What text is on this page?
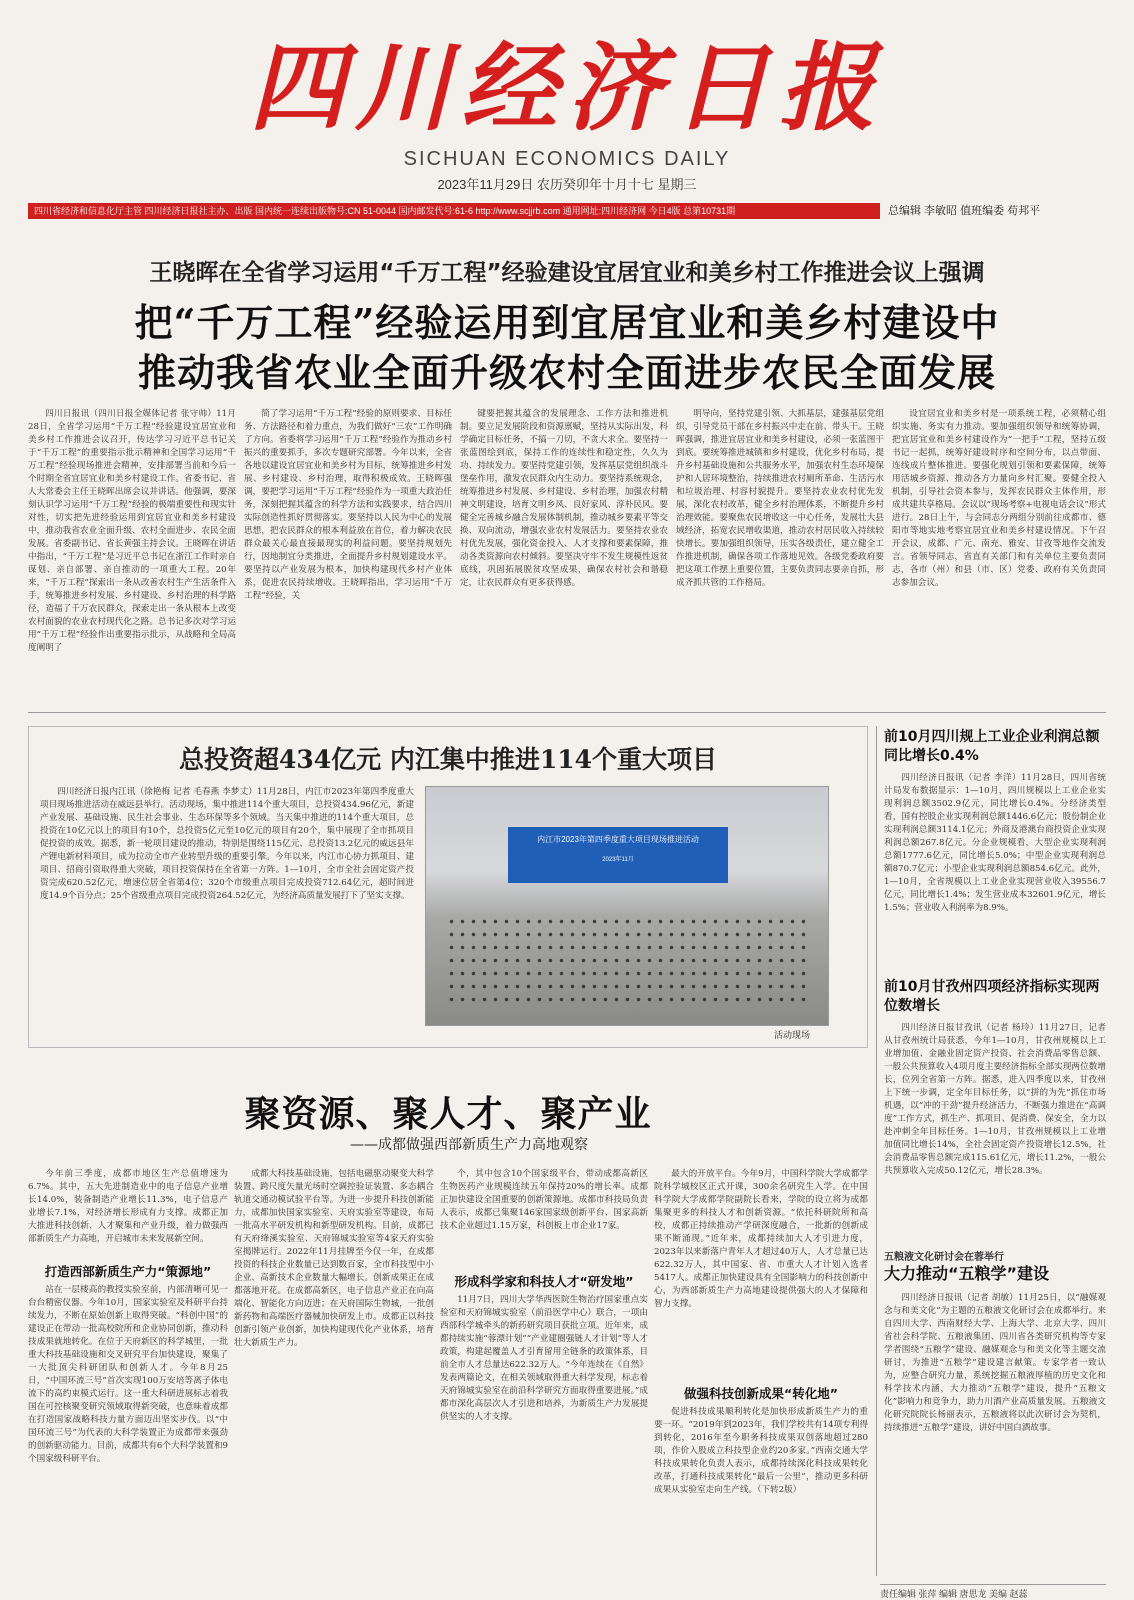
四川经济日报
SICHUAN ECONOMICS DAILY
2023年11月29日 农历癸卯年十月十七 星期三
四川省经济和信息化厅主管 四川经济日报社主办、出版 国内统一连续出版物号:CN 51-0044 国内邮发代号:61-6 http://www.scjjrb.com 通用网址:四川经济网 今日4版 总第10731期	总编辑 李敏昭 值班编委 苟邦平
王晓晖在全省学习运用“千万工程”经验建设宜居宜业和美乡村工作推进会议上强调
把“千万工程”经验运用到宜居宜业和美乡村建设中
推动我省农业全面升级农村全面进步农民全面发展

四川日报讯（四川日报全媒体记者 张守帅）11月28日，全省学习运用“千万工程”经验建设宜居宜业和美乡村工作推进会议召开，传达学习习近平总书记关于“千万工程”的重要指示批示精神和全国学习运用“千万工程”经验现场推进会精神，安排部署当前和今后一个时期全省宜居宜业和美乡村建设工作。省委书记、省人大常委会主任王晓晖出席会议并讲话。他强调，要深刻认识学习运用“千万工程”经验的极端重要性和现实针对性，切实把先进经验运用到宜居宜业和美乡村建设中，推动我省农业全面升级、农村全面进步、农民全面发展。省委副书记、省长黄强主持会议。王晓晖在讲话中指出，“千万工程”是习近平总书记在浙江工作时亲自谋划、亲自部署、亲自推动的一项重大工程。20年来，“千万工程”探索出一条从改善农村生产生活条件入手，统筹推进乡村发展、乡村建设、乡村治理的科学路径，造福了千万农民群众，探索走出一条从根本上改变农村面貌的农业农村现代化之路。总书记多次对学习运用“千万工程”经验作出重要指示批示，从战略和全局高度阐明了

简了学习运用“千万工程”经验的原则要求、目标任务、方法路径和着力重点，为我们做好“三农”工作明确了方向。省委将学习运用“千万工程”经验作为推动乡村振兴的重要抓手，多次专题研究部署。今年以来，全省各地以建设宜居宜业和美乡村为目标，统筹推进乡村发展、乡村建设、乡村治理，取得积极成效。王晓晖强调，要把学习运用“千万工程”经验作为一项重大政治任务，深刻把握其蕴含的科学方法和实践要求，结合四川实际创造性抓好贯彻落实。要坚持以人民为中心的发展思想，把农民群众的根本利益放在首位，着力解决农民群众最关心最直接最现实的利益问题。要坚持规划先行，因地制宜分类推进，全面提升乡村规划建设水平。要坚持以产业发展为根本，加快构建现代乡村产业体系，促进农民持续增收。王晓晖指出，学习运用“千万工程”经验，关

键要把握其蕴含的发展理念、工作方法和推进机制。要立足发展阶段和资源禀赋，坚持从实际出发，科学确定目标任务，不搞一刀切，不贪大求全。要坚持一张蓝图绘到底，保持工作的连续性和稳定性，久久为功、持续发力。要坚持党建引领，发挥基层党组织战斗堡垒作用，激发农民群众内生动力。要坚持系统观念，统筹推进乡村发展、乡村建设、乡村治理，加强农村精神文明建设，培育文明乡风、良好家风、淳朴民风。要健全完善城乡融合发展体制机制，推动城乡要素平等交换、双向流动，增强农业农村发展活力。要坚持农业农村优先发展，强化资金投入、人才支撑和要素保障，推动各类资源向农村倾斜。要坚决守牢不发生规模性返贫底线，巩固拓展脱贫攻坚成果，确保农村社会和谐稳定，让农民群众有更多获得感。

明导向，坚持党建引领、大抓基层，建强基层党组织，引导党员干部在乡村振兴中走在前、带头干。王晓晖强调，推进宜居宜业和美乡村建设，必须一张蓝图干到底。要统筹推进城镇和乡村建设，优化乡村布局，提升乡村基础设施和公共服务水平，加强农村生态环境保护和人居环境整治，持续推进农村厕所革命、生活污水和垃圾治理、村容村貌提升。要坚持农业农村优先发展，深化农村改革，健全乡村治理体系，不断提升乡村治理效能。要聚焦农民增收这一中心任务，发展壮大县域经济，拓宽农民增收渠道，推动农村居民收入持续较快增长。要加强组织领导，压实各级责任，建立健全工作推进机制，确保各项工作落地见效。各级党委政府要把这项工作摆上重要位置，主要负责同志要亲自抓，形成齐抓共管的工作格局。

设宜居宜业和美乡村是一项系统工程，必须精心组织实施、务实有力推动。要加强组织领导和统筹协调，把宜居宜业和美乡村建设作为“一把手”工程，坚持五级书记一起抓，统筹好建设时序和空间分布，以点带面、连线成片整体推进。要强化规划引领和要素保障，统筹用活城乡资源、推动各方力量向乡村汇聚。要健全投入机制，引导社会资本参与，发挥农民群众主体作用，形成共建共享格局。会议以“现场考察+电视电话会议”形式进行。28日上午，与会同志分两组分别前往成都市、德阳市等地实地考察宜居宜业和美乡村建设情况。下午召开会议，成都、广元、南充、雅安、甘孜等地作交流发言。省领导同志，省直有关部门和有关单位主要负责同志，各市（州）和县（市、区）党委、政府有关负责同志参加会议。

总投资超434亿元 内江集中推进114个重大项目

四川经济日报内江讯（徐艳梅 记者 毛春燕 李梦丈）11月28日，内江市2023年第四季度重大项目现场推进活动在威远县举行。活动现场，集中推进114个重大项目，总投资434.96亿元，新建产业发展、基础设施、民生社会事业、生态环保等多个领域。当天集中推进的114个重大项目，总投资在10亿元以上的项目有10个，总投资5亿元至10亿元的项目有20个，集中展现了全市抓项目促投资的成效。据悉，新一轮项目建设的推动，特别是围绕115亿元、总投资13.2亿元的威远县年产锂电新材料项目，成为拉动全市产业转型升级的重要引擎。今年以来，内江市心协力抓项目、建项目、招商引资取得重大突破，项目投资保持在全省第一方阵。1—10月，全市全社会固定资产投资完成620.52亿元，增速位居全省第4位；320个市级重点项目完成投资712.64亿元，超时间进度14.9个百分点；25个省级重点项目完成投资264.52亿元，为经济高质量发展打下了坚实支撑。

内江市2023年第四季度重大项目现场推进活动
2023年11月
活动现场
前10月四川规上工业企业利润总额同比增长0.4%

四川经济日报讯（记者 李洋）11月28日，四川省统计局发布数据显示：1—10月，四川规模以上工业企业实现利润总额3502.9亿元，同比增长0.4%。分经济类型看，国有控股企业实现利润总额1446.6亿元；股份制企业实现利润总额3114.1亿元；外商及港澳台商投资企业实现利润总额267.8亿元。分企业规模看，大型企业实现利润总额1777.6亿元，同比增长5.0%；中型企业实现利润总额870.7亿元；小型企业实现利润总额854.6亿元。此外，1—10月，全省规模以上工业企业实现营业收入39556.7亿元，同比增长1.4%；发生营业成本32601.9亿元，增长1.5%；营业收入利润率为8.9%。

前10月甘孜州四项经济指标实现两位数增长

四川经济日报甘孜讯（记者 杨玲）11月27日，记者从甘孜州统计局获悉，今年1—10月，甘孜州规模以上工业增加值、金融业固定资产投资、社会消费品零售总额、一般公共预算收入4项月度主要经济指标全部实现两位数增长，位列全省第一方阵。据悉，进入四季度以来，甘孜州上下统一步调，定全年目标任务，以“拼的为先”抓住市场机遇，以“冲的干劲”提升经济活力，不断强力推进在“高调度”工作方式，抓生产、抓项目、促消费、保安全，全力以赴冲刺全年目标任务。1—10月，甘孜州规模以上工业增加值同比增长14%，全社会固定资产投资增长12.5%，社会消费品零售总额完成115.61亿元，增长11.2%，一般公共预算收入完成50.12亿元，增长28.3%。

五粮液文化研讨会在蓉举行
大力推动“五粮学”建设

四川经济日报讯（记者 胡敏）11月25日，以“融媒观念与和美文化”为主题的五粮液文化研讨会在成都举行。来自四川大学、西南财经大学、上海大学、北京大学、四川省社会科学院、五粮液集团、四川省各类研究机构等专家学者围绕“五粮学”建设、融媒观念与和美文化等主题交流研讨，为推进“五粮学”建设建言献策。专家学者一致认为，应整合研究力量，系统挖掘五粮液厚植的历史文化和科学技术内涵，大力推动“五粮学”建设，提升“五粮文化”影响力和竞争力，助力川酒产业高质量发展。五粮液文化研究院院长杨丽表示，五粮液将以此次研讨会为契机，持续推进“五粮学”建设，讲好中国白酒故事。

聚资源、聚人才、聚产业
——成都做强西部新质生产力高地观察

今年前三季度，成都市地区生产总值增速为6.7%。其中，五大先进制造业中的电子信息产业增长14.0%，装备制造产业增长11.3%，电子信息产业增长7.1%，对经济增长形成有力支撑。成都正加大推进科技创新、人才聚集和产业升级，着力做强西部新质生产力高地，开启城市未来发展新空间。

打造西部新质生产力“策源地”

站在一层楼高的教授实验室前，内部清晰可见一台台精密仪器。今年10月，国家实验室及科研平台持续发力，不断在原始创新上取得突破。“科创中国”的建设正在带动一批高校院所和企业协同创新，推动科技成果就地转化。在位于天府新区的科学城里，一批重大科技基础设施和交叉研究平台加快建设，聚集了一大批顶尖科研团队和创新人才。今年8月25日，“中国环流三号”首次实现100万安培等离子体电流下的高约束模式运行。这一重大科研进展标志着我国在可控核聚变研究领域取得新突破，也意味着成都在打造国家战略科技力量方面迈出坚实步伐。以“中国环流三号”为代表的大科学装置正为成都带来强劲的创新驱动能力。目前，成都共有6个大科学装置和9个国家级科研平台。

成都大科技基础设施，包括电磁驱动聚变大科学装置、跨尺度矢量光场时空调控验证装置、多态耦合轨道交通动模试验平台等。为进一步提升科技创新能力，成都加快国家实验室、天府实验室等建设，布局一批高水平研发机构和新型研发机构。目前，成都已有天府绛溪实验室、天府锦城实验室等4家天府实验室揭牌运行。2022年11月挂牌至今仅一年，在成都投资的科技企业数量已达到数百家，全市科技型中小企业、高新技术企业数量大幅增长。创新成果正在成都落地开花。在成都高新区，电子信息产业正在向高端化、智能化方向迈进；在天府国际生物城，一批创新药物和高端医疗器械加快研发上市。成都正以科技创新引领产业创新，加快构建现代化产业体系，培育壮大新质生产力。

个，其中包含10个国家级平台，带动成都高新区生物医药产业规模连续五年保持20%的增长率。成都正加快建设全国重要的创新策源地。成都市科技局负责人表示，成都已集聚146家国家级创新平台、国家高新技术企业超过1.15万家，科创板上市企业17家。

形成科学家和科技人才“研发地”

11月7日，四川大学华西医院生物治疗国家重点实验室和天府锦城实验室（前沿医学中心）联合，一项由西部科学城牵头的新药研究项目获批立项。近年来，成都持续实施“蓉漂计划”“产业建圈强链人才计划”等人才政策，构建起覆盖人才引育留用全链条的政策体系，目前全市人才总量达622.32万人。“今年连续在《自然》发表两篇论文，在相关领域取得重大科学发现，标志着天府锦城实验室在前沿科学研究方面取得重要进展。”成都市深化高层次人才引进和培养，为新质生产力发展提供坚实的人才支撑。

最大的开放平台。今年9月，中国科学院大学成都学院科学城校区正式开课，300余名研究生入学。在中国科学院大学成都学院副院长看来，学院的设立将为成都集聚更多的科技人才和创新资源。“依托科研院所和高校，成都正持续推动产学研深度融合，一批新的创新成果不断涌现。”近年来，成都持续加大人才引进力度，2023年以来新落户青年人才超过40万人，人才总量已达622.32万人，其中国家、省、市重大人才计划入选者5417人。成都正加快建设具有全国影响力的科技创新中心，为西部新质生产力高地建设提供强大的人才保障和智力支撑。

做强科技创新成果“转化地”

促进科技成果顺利转化是加快形成新质生产力的重要一环。“2019年到2023年，我们学校共有14项专利得到转化，2016年至今职务科技成果双创落地超过280项，作价入股成立科技型企业约20多家。”西南交通大学科技成果转化负责人表示，成都持续深化科技成果转化改革，打通科技成果转化“最后一公里”，推动更多科研成果从实验室走向生产线。（下转2版）

责任编辑 张萍 编辑 唐思龙 美编 赵蕊
